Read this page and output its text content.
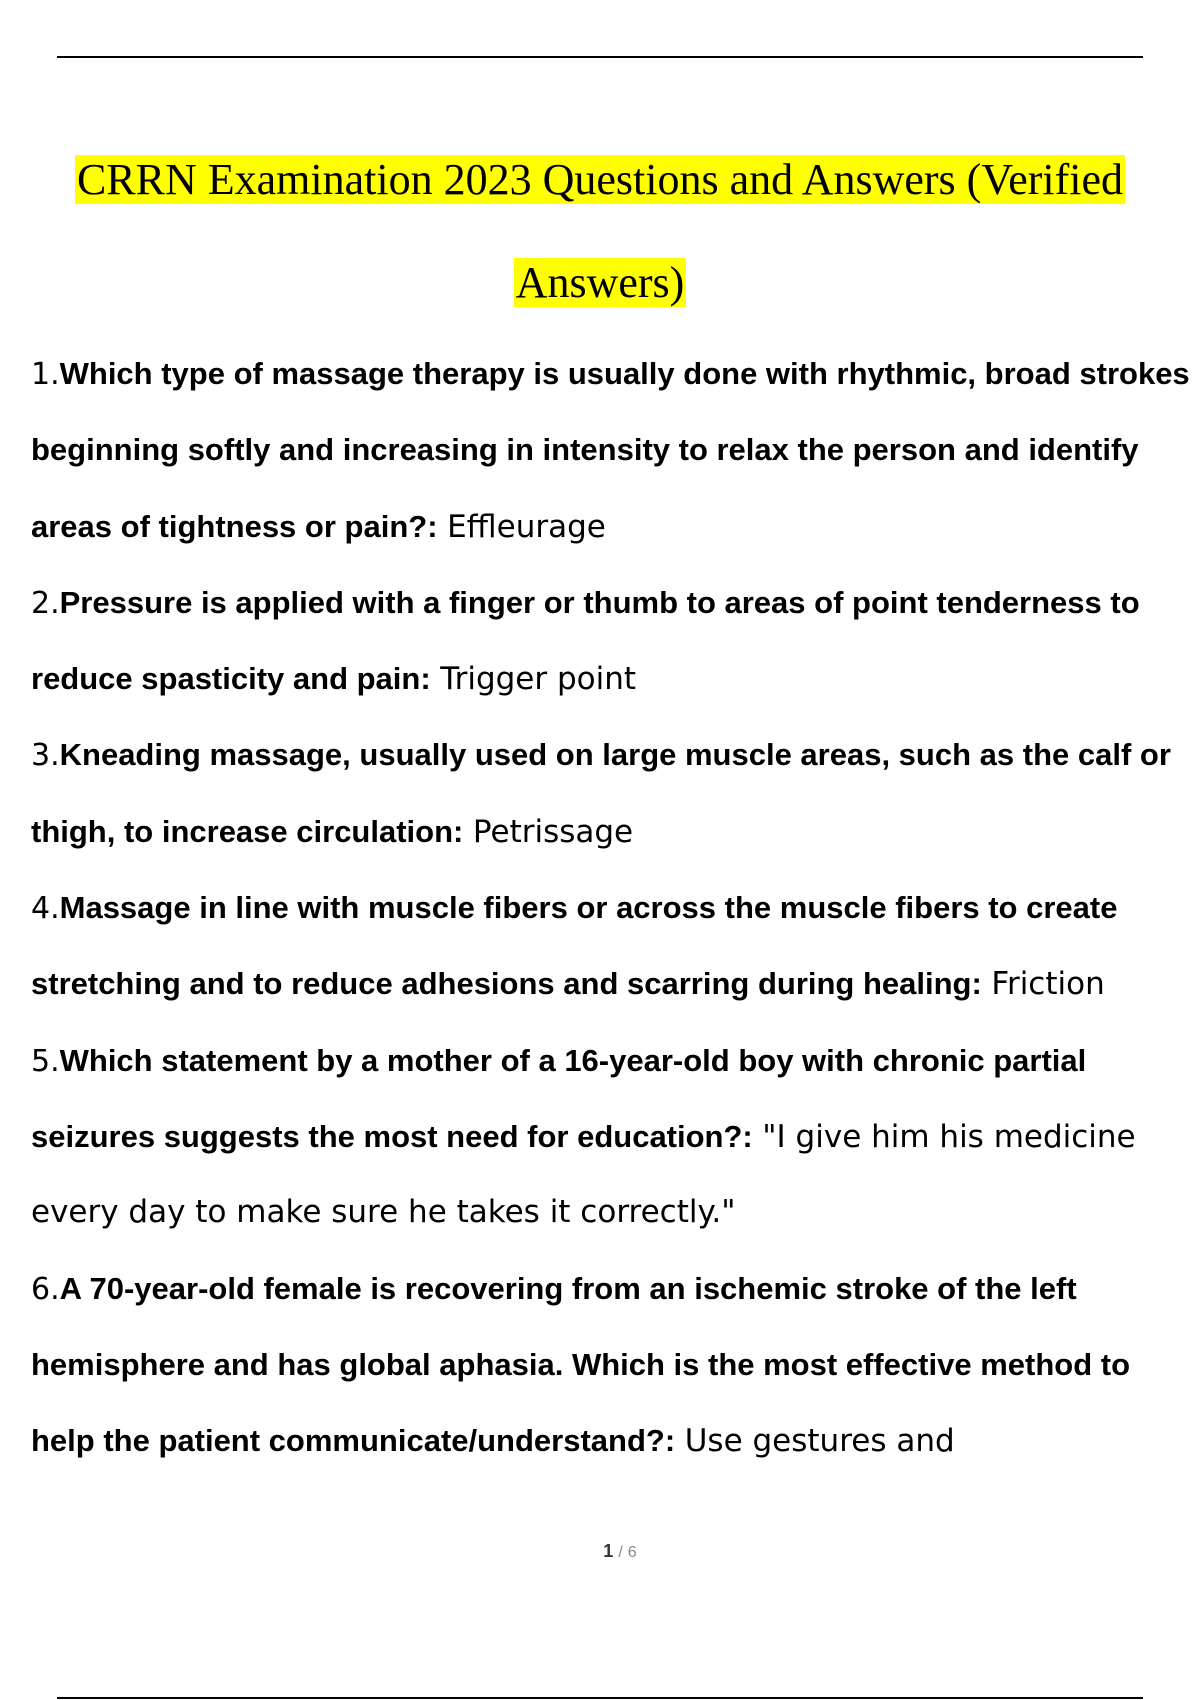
CRRN Examination 2023 Questions and Answers (Verified
Answers)
1.Which type of massage therapy is usually done with rhythmic, broad strokes beginning softly and increasing in intensity to relax the person and identify areas of tightness or pain?: Effleurage
2.Pressure is applied with a finger or thumb to areas of point tenderness to reduce spasticity and pain: Trigger point
3.Kneading massage, usually used on large muscle areas, such as the calf or thigh, to increase circulation: Petrissage
4.Massage in line with muscle fibers or across the muscle fibers to create stretching and to reduce adhesions and scarring during healing: Friction
5.Which statement by a mother of a 16-year-old boy with chronic partial seizures suggests the most need for education?: "I give him his medicine every day to make sure he takes it correctly."
6.A 70-year-old female is recovering from an ischemic stroke of the left hemisphere and has global aphasia. Which is the most effective method to help the patient communicate/understand?: Use gestures and
1 / 6
